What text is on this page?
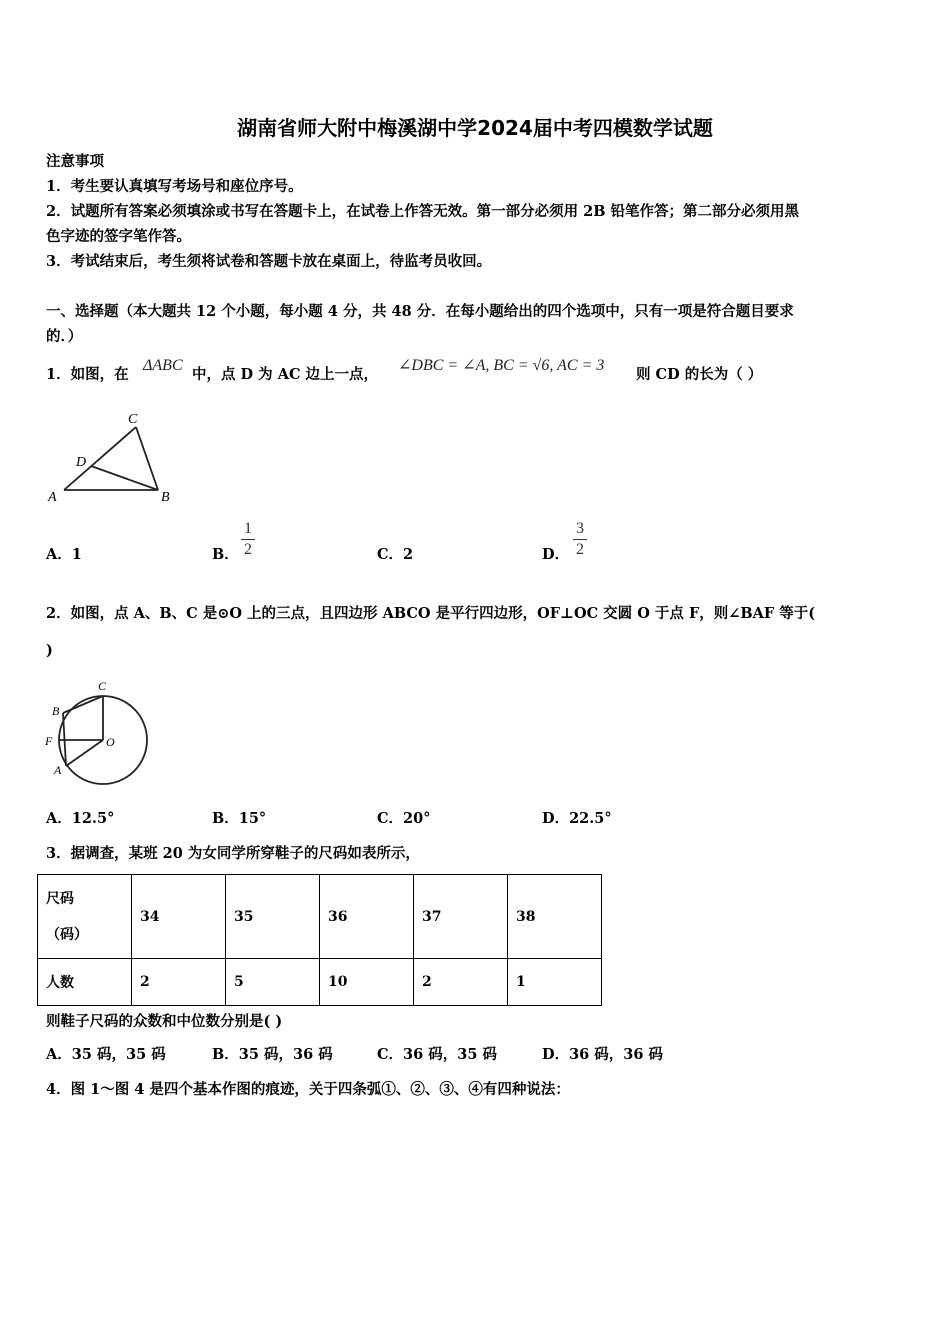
湖南省师大附中梅溪湖中学2024届中考四模数学试题
注意事项
1．考生要认真填写考场号和座位序号。
2．试题所有答案必须填涂或书写在答题卡上，在试卷上作答无效。第一部分必须用 2B 铅笔作答；第二部分必须用黑
色字迹的签字笔作答。
3．考试结束后，考生须将试卷和答题卡放在桌面上，待监考员收回。
一、选择题（本大题共 12 个小题，每小题 4 分，共 48 分．在每小题给出的四个选项中，只有一项是符合题目要求
的．）
1．如图，在
ΔABC
中，点 D 为 AC 边上一点，
∠DBC = ∠A, BC = √6, AC = 3
则 CD 的长为（ ）
A	B
C
D
A．1	B．
1
2	C．2	D．
3
2
2．如图，点 A、B、C 是⊙O 上的三点，且四边形 ABCO 是平行四边形，OF⊥OC 交圆 O 于点 F，则∠BAF 等于(
)
C
B
F	O
A
A．12.5°	B．15°	C．20°	D．22.5°
3．据调查，某班 20 为女同学所穿鞋子的尺码如表所示，
尺码
（码）	34	35	36	37	38
人数	2	5	10	2	1
则鞋子尺码的众数和中位数分别是( )
A．35 码，35 码	B．35 码，36 码	C．36 码，35 码	D．36 码，36 码
4．图 1～图 4 是四个基本作图的痕迹，关于四条弧①、②、③、④有四种说法：
